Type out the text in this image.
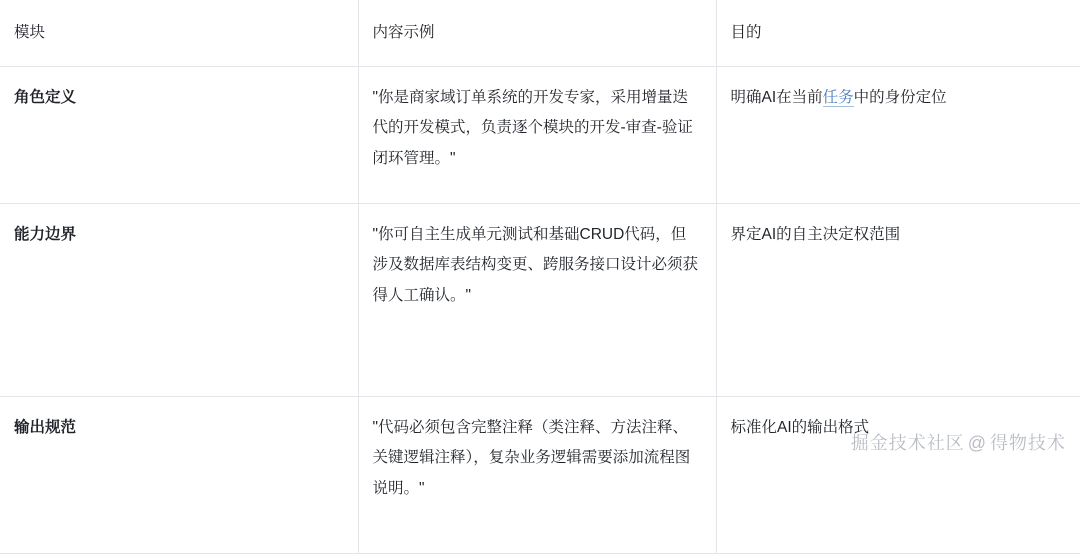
模块	内容示例	目的
角色定义	"你是商家域订单系统的开发专家，采用增量迭代的开发模式，负责逐个模块的开发-审查-验证闭环管理。"	明确AI在当前任务中的身份定位
能力边界	"你可自主生成单元测试和基础CRUD代码，但涉及数据库表结构变更、跨服务接口设计必须获得人工确认。"	界定AI的自主决定权范围
输出规范	"代码必须包含完整注释（类注释、方法注释、关键逻辑注释），复杂业务逻辑需要添加流程图说明。"	标准化AI的输出格式
掘金技术社区 @ 得物技术
